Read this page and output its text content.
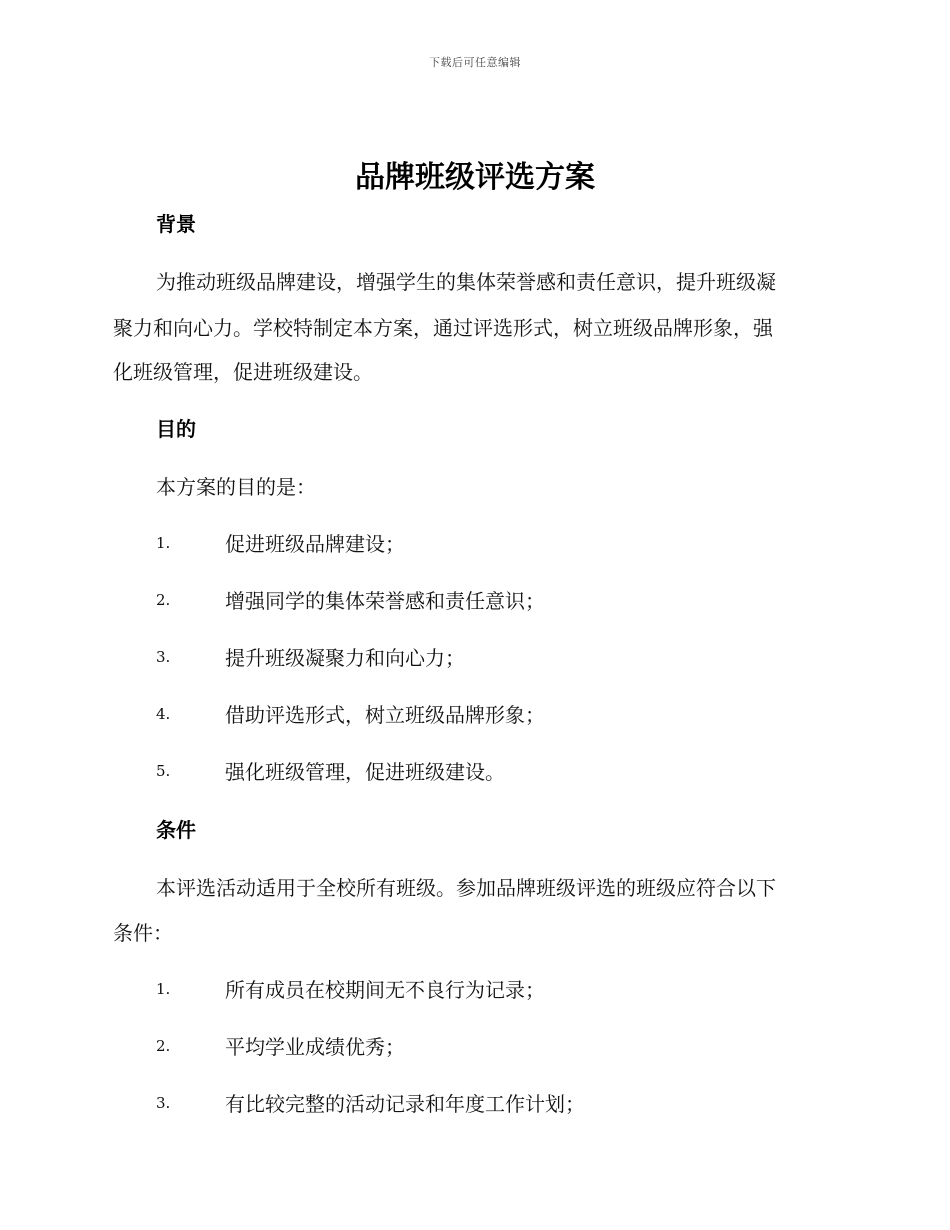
下载后可任意编辑
品牌班级评选方案
背景
为推动班级品牌建设，增强学生的集体荣誉感和责任意识，提升班级凝
聚力和向心力。学校特制定本方案，通过评选形式，树立班级品牌形象，强
化班级管理，促进班级建设。
目的
本方案的目的是：
1.	促进班级品牌建设；
2.	增强同学的集体荣誉感和责任意识；
3.	提升班级凝聚力和向心力；
4.	借助评选形式，树立班级品牌形象；
5.	强化班级管理，促进班级建设。
条件
本评选活动适用于全校所有班级。参加品牌班级评选的班级应符合以下
条件：
1.	所有成员在校期间无不良行为记录；
2.	平均学业成绩优秀；
3.	有比较完整的活动记录和年度工作计划；
